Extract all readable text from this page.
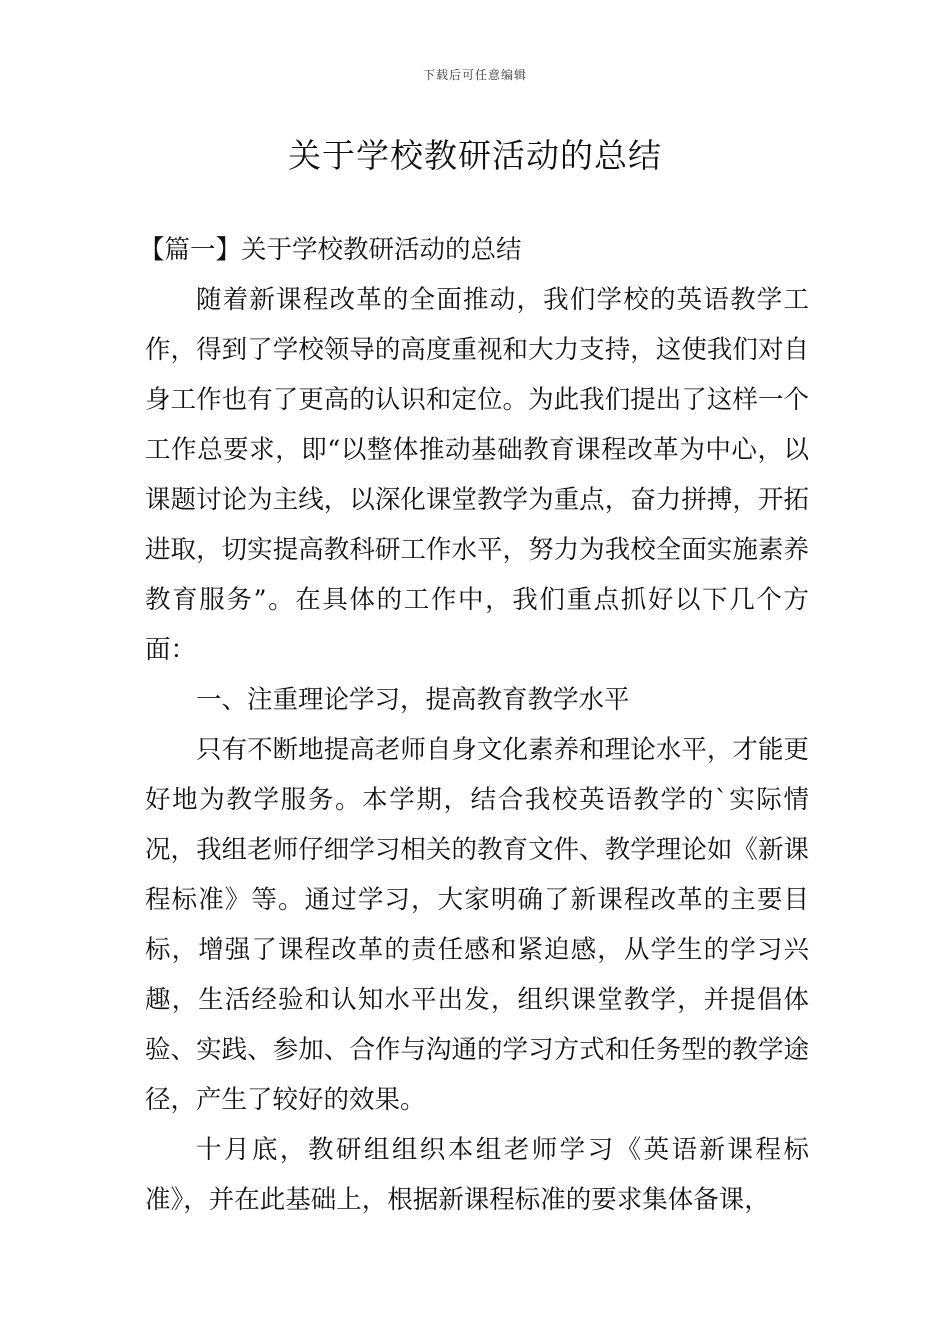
下载后可任意编辑
关于学校教研活动的总结

【篇一】关于学校教研活动的总结

随着新课程改革的全面推动，我们学校的英语教学工作，得到了学校领导的高度重视和大力支持，这使我们对自身工作也有了更高的认识和定位。为此我们提出了这样一个工作总要求，即“以整体推动基础教育课程改革为中心，以课题讨论为主线，以深化课堂教学为重点，奋力拼搏，开拓进取，切实提高教科研工作水平，努力为我校全面实施素养教育服务”。在具体的工作中，我们重点抓好以下几个方面：

一、注重理论学习，提高教育教学水平

只有不断地提高老师自身文化素养和理论水平，才能更好地为教学服务。本学期，结合我校英语教学的`实际情况，我组老师仔细学习相关的教育文件、教学理论如《新课程标准》等。通过学习，大家明确了新课程改革的主要目标，增强了课程改革的责任感和紧迫感，从学生的学习兴趣，生活经验和认知水平出发，组织课堂教学，并提倡体验、实践、参加、合作与沟通的学习方式和任务型的教学途径，产生了较好的效果。

十月底，教研组组织本组老师学习《英语新课程标准》，并在此基础上，根据新课程标准的要求集体备课，
